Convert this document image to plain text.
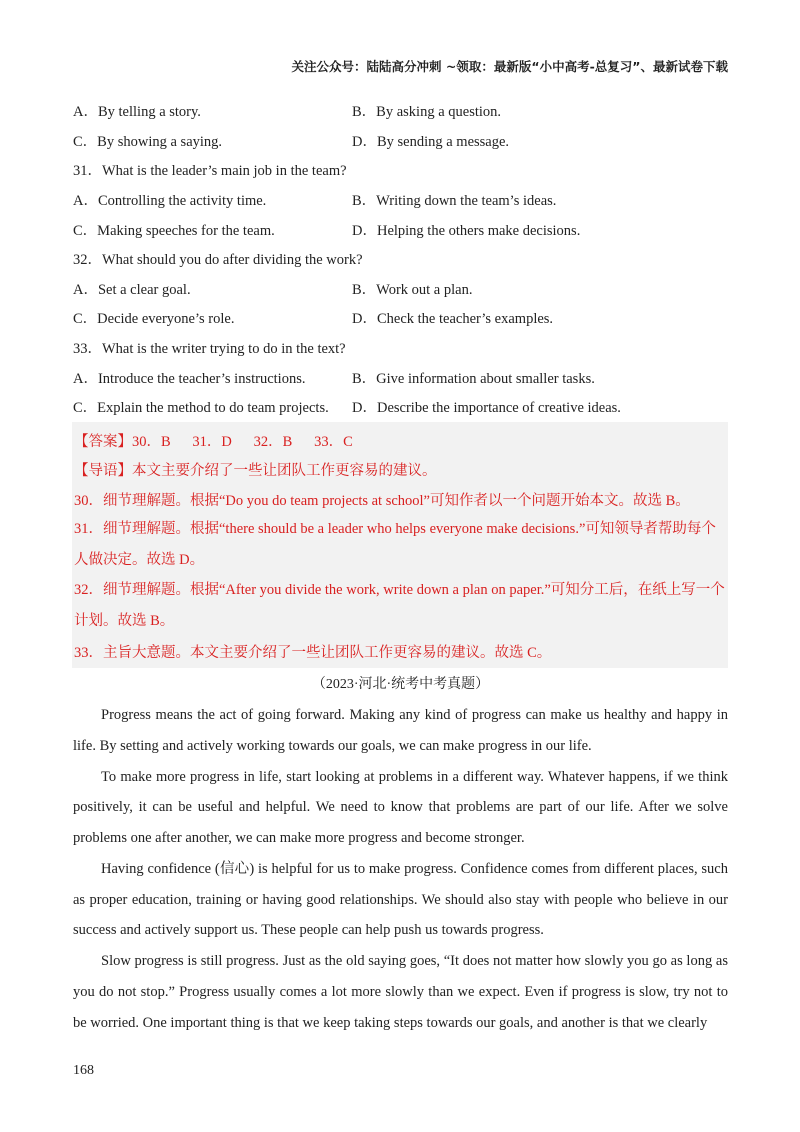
关注公众号：陆陆高分冲刺 ~领取：最新版“小中高考-总复习”、最新试卷下载
A．By telling a story.	B．By asking a question.
C．By showing a saying.	D．By sending a message.
31．What is the leader’s main job in the team?
A．Controlling the activity time.	B．Writing down the team’s ideas.
C．Making speeches for the team.	D．Helping the others make decisions.
32．What should you do after dividing the work?
A．Set a clear goal.	B．Work out a plan.
C．Decide everyone’s role.	D．Check the teacher’s examples.
33．What is the writer trying to do in the text?
A．Introduce the teacher’s instructions.	B．Give information about smaller tasks.
C．Explain the method to do team projects.	D．Describe the importance of creative ideas.
【答案】 30．B      31．D      32．B      33．C
【导语】 本文主要介绍了一些让团队工作更容易的建议。
30．细节理解题。根据“Do you do team projects at school”可知作者以一个问题开始本文。故选 B。
31．细节理解题。根据“there should be a leader who helps everyone make decisions.”可知领导者帮助每个人做决定。故选 D。
32．细节理解题。根据“After you divide the work, write down a plan on paper.”可知分工后，在纸上写一个计划。故选 B。
33．主旨大意题。本文主要介绍了一些让团队工作更容易的建议。故选 C。
（2023·河北·统考中考真题）

Progress means the act of going forward. Making any kind of progress can make us healthy and happy in life. By setting and actively working towards our goals, we can make progress in our life.

To make more progress in life, start looking at problems in a different way. Whatever happens, if we think positively, it can be useful and helpful. We need to know that problems are part of our life. After we solve problems one after another, we can make more progress and become stronger.

Having confidence (信心) is helpful for us to make progress. Confidence comes from different places, such as proper education, training or having good relationships. We should also stay with people who believe in our success and actively support us. These people can help push us towards progress.

Slow progress is still progress. Just as the old saying goes, “It does not matter how slowly you go as long as you do not stop.” Progress usually comes a lot more slowly than we expect. Even if progress is slow, try not to be worried. One important thing is that we keep taking steps towards our goals, and another is that we clearly

168
